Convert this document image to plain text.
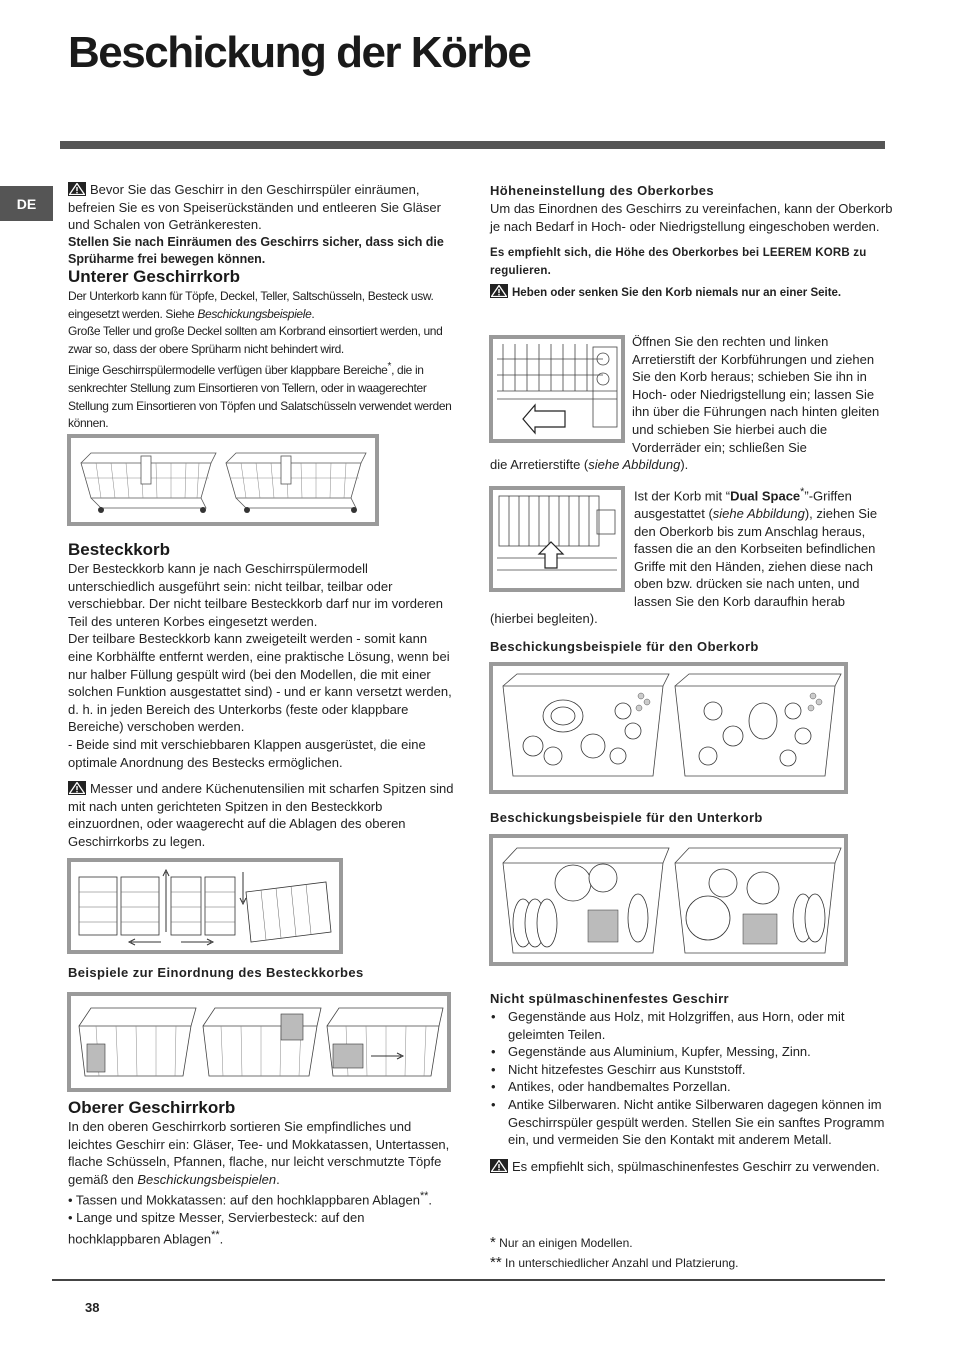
Beschickung der Körbe
DE

Bevor Sie das Geschirr in den Geschirrspüler einräumen, befreien Sie es von Speiserückständen und entleeren Sie Gläser und Schalen von Getränkeresten.

Stellen Sie nach Einräumen des Geschirrs sicher, dass sich die Sprüharme frei bewegen können.

Unterer Geschirrkorb

Der Unterkorb kann für Töpfe, Deckel, Teller, Saltschüsseln, Besteck usw. eingesetzt werden. Siehe Beschickungsbeispiele.

Große Teller und große Deckel sollten am Korbrand einsortiert werden, und zwar so, dass der obere Sprüharm nicht behindert wird.

Einige Geschirrspülermodelle verfügen über klappbare Bereiche*, die in senkrechter Stellung zum Einsortieren von Tellern, oder in waagerechter Stellung zum Einsortieren von Töpfen und Salatschüsseln verwendet werden können.

Besteckkorb

Der Besteckkorb kann je nach Geschirrspülermodell unterschiedlich ausgeführt sein: nicht teilbar, teilbar oder verschiebbar. Der nicht teilbare Besteckkorb darf nur im vorderen Teil des unteren Korbes eingesetzt werden.

Der teilbare Besteckkorb kann zweigeteilt werden - somit kann eine Korbhälfte entfernt werden, eine praktische Lösung, wenn bei nur halber Füllung gespült wird (bei den Modellen, die mit einer solchen Funktion ausgestattet sind) - und er kann versetzt werden, d. h. in jeden Bereich des Unterkorbs (feste oder klappbare Bereiche) verschoben werden.

- Beide sind mit verschiebbaren Klappen ausgerüstet, die eine optimale Anordnung des Bestecks ermöglichen.

Messer und andere Küchenutensilien mit scharfen Spitzen sind mit nach unten gerichteten Spitzen in den Besteckkorb einzuordnen, oder waagerecht auf die Ablagen des oberen Geschirrkorbs zu legen.

Beispiele zur Einordnung des Besteckkorbes
Oberer Geschirrkorb

In den oberen Geschirrkorb sortieren Sie empfindliches und leichtes Geschirr ein: Gläser, Tee- und Mokkatassen, Untertassen, flache Schüsseln, Pfannen, flache, nur leicht verschmutzte Töpfe gemäß den Beschickungsbeispielen.

• Tassen und Mokkatassen: auf den hochklappbaren Ablagen**.

• Lange und spitze Messer, Servierbesteck: auf den hochklappbaren Ablagen**.

Höheneinstellung des Oberkorbes

Um das Einordnen des Geschirrs zu vereinfachen, kann der Oberkorb je nach Bedarf in Hoch- oder Niedrigstellung eingeschoben werden.

Es empfiehlt sich, die Höhe des Oberkorbes bei LEEREM KORB zu regulieren.

Heben oder senken Sie den Korb niemals nur an einer Seite.

Öffnen Sie den rechten und linken Arretierstift der Korbführungen und ziehen Sie den Korb heraus; schieben Sie ihn in Hoch- oder Niedrigstellung ein; lassen Sie ihn über die Führungen nach hinten gleiten und schieben Sie hierbei auch die Vorderräder ein; schließen Sie

die Arretierstifte (siehe Abbildung).

Ist der Korb mit “Dual Space*”-Griffen ausgestattet (siehe Abbildung), ziehen Sie den Oberkorb bis zum Anschlag heraus, fassen die an den Korbseiten befindlichen Griffe mit den Händen, ziehen diese nach oben bzw. drücken sie nach unten, und lassen Sie den Korb daraufhin herab

(hierbei begleiten).

Beschickungsbeispiele für den Oberkorb
Beschickungsbeispiele für den Unterkorb
Nicht spülmaschinenfestes Geschirr
• Gegenstände aus Holz, mit Holzgriffen, aus Horn, oder mit geleimten Teilen.
• Gegenstände aus Aluminium, Kupfer, Messing, Zinn.
• Nicht hitzefestes Geschirr aus Kunststoff.
• Antikes, oder handbemaltes Porzellan.
• Antike Silberwaren. Nicht antike Silberwaren dagegen können im Geschirrspüler gespült werden. Stellen Sie ein sanftes Programm ein, und vermeiden Sie den Kontakt mit anderem Metall.

Es empfiehlt sich, spülmaschinenfestes Geschirr zu verwenden.

* Nur an einigen Modellen.

** In unterschiedlicher Anzahl und Platzierung.

38
